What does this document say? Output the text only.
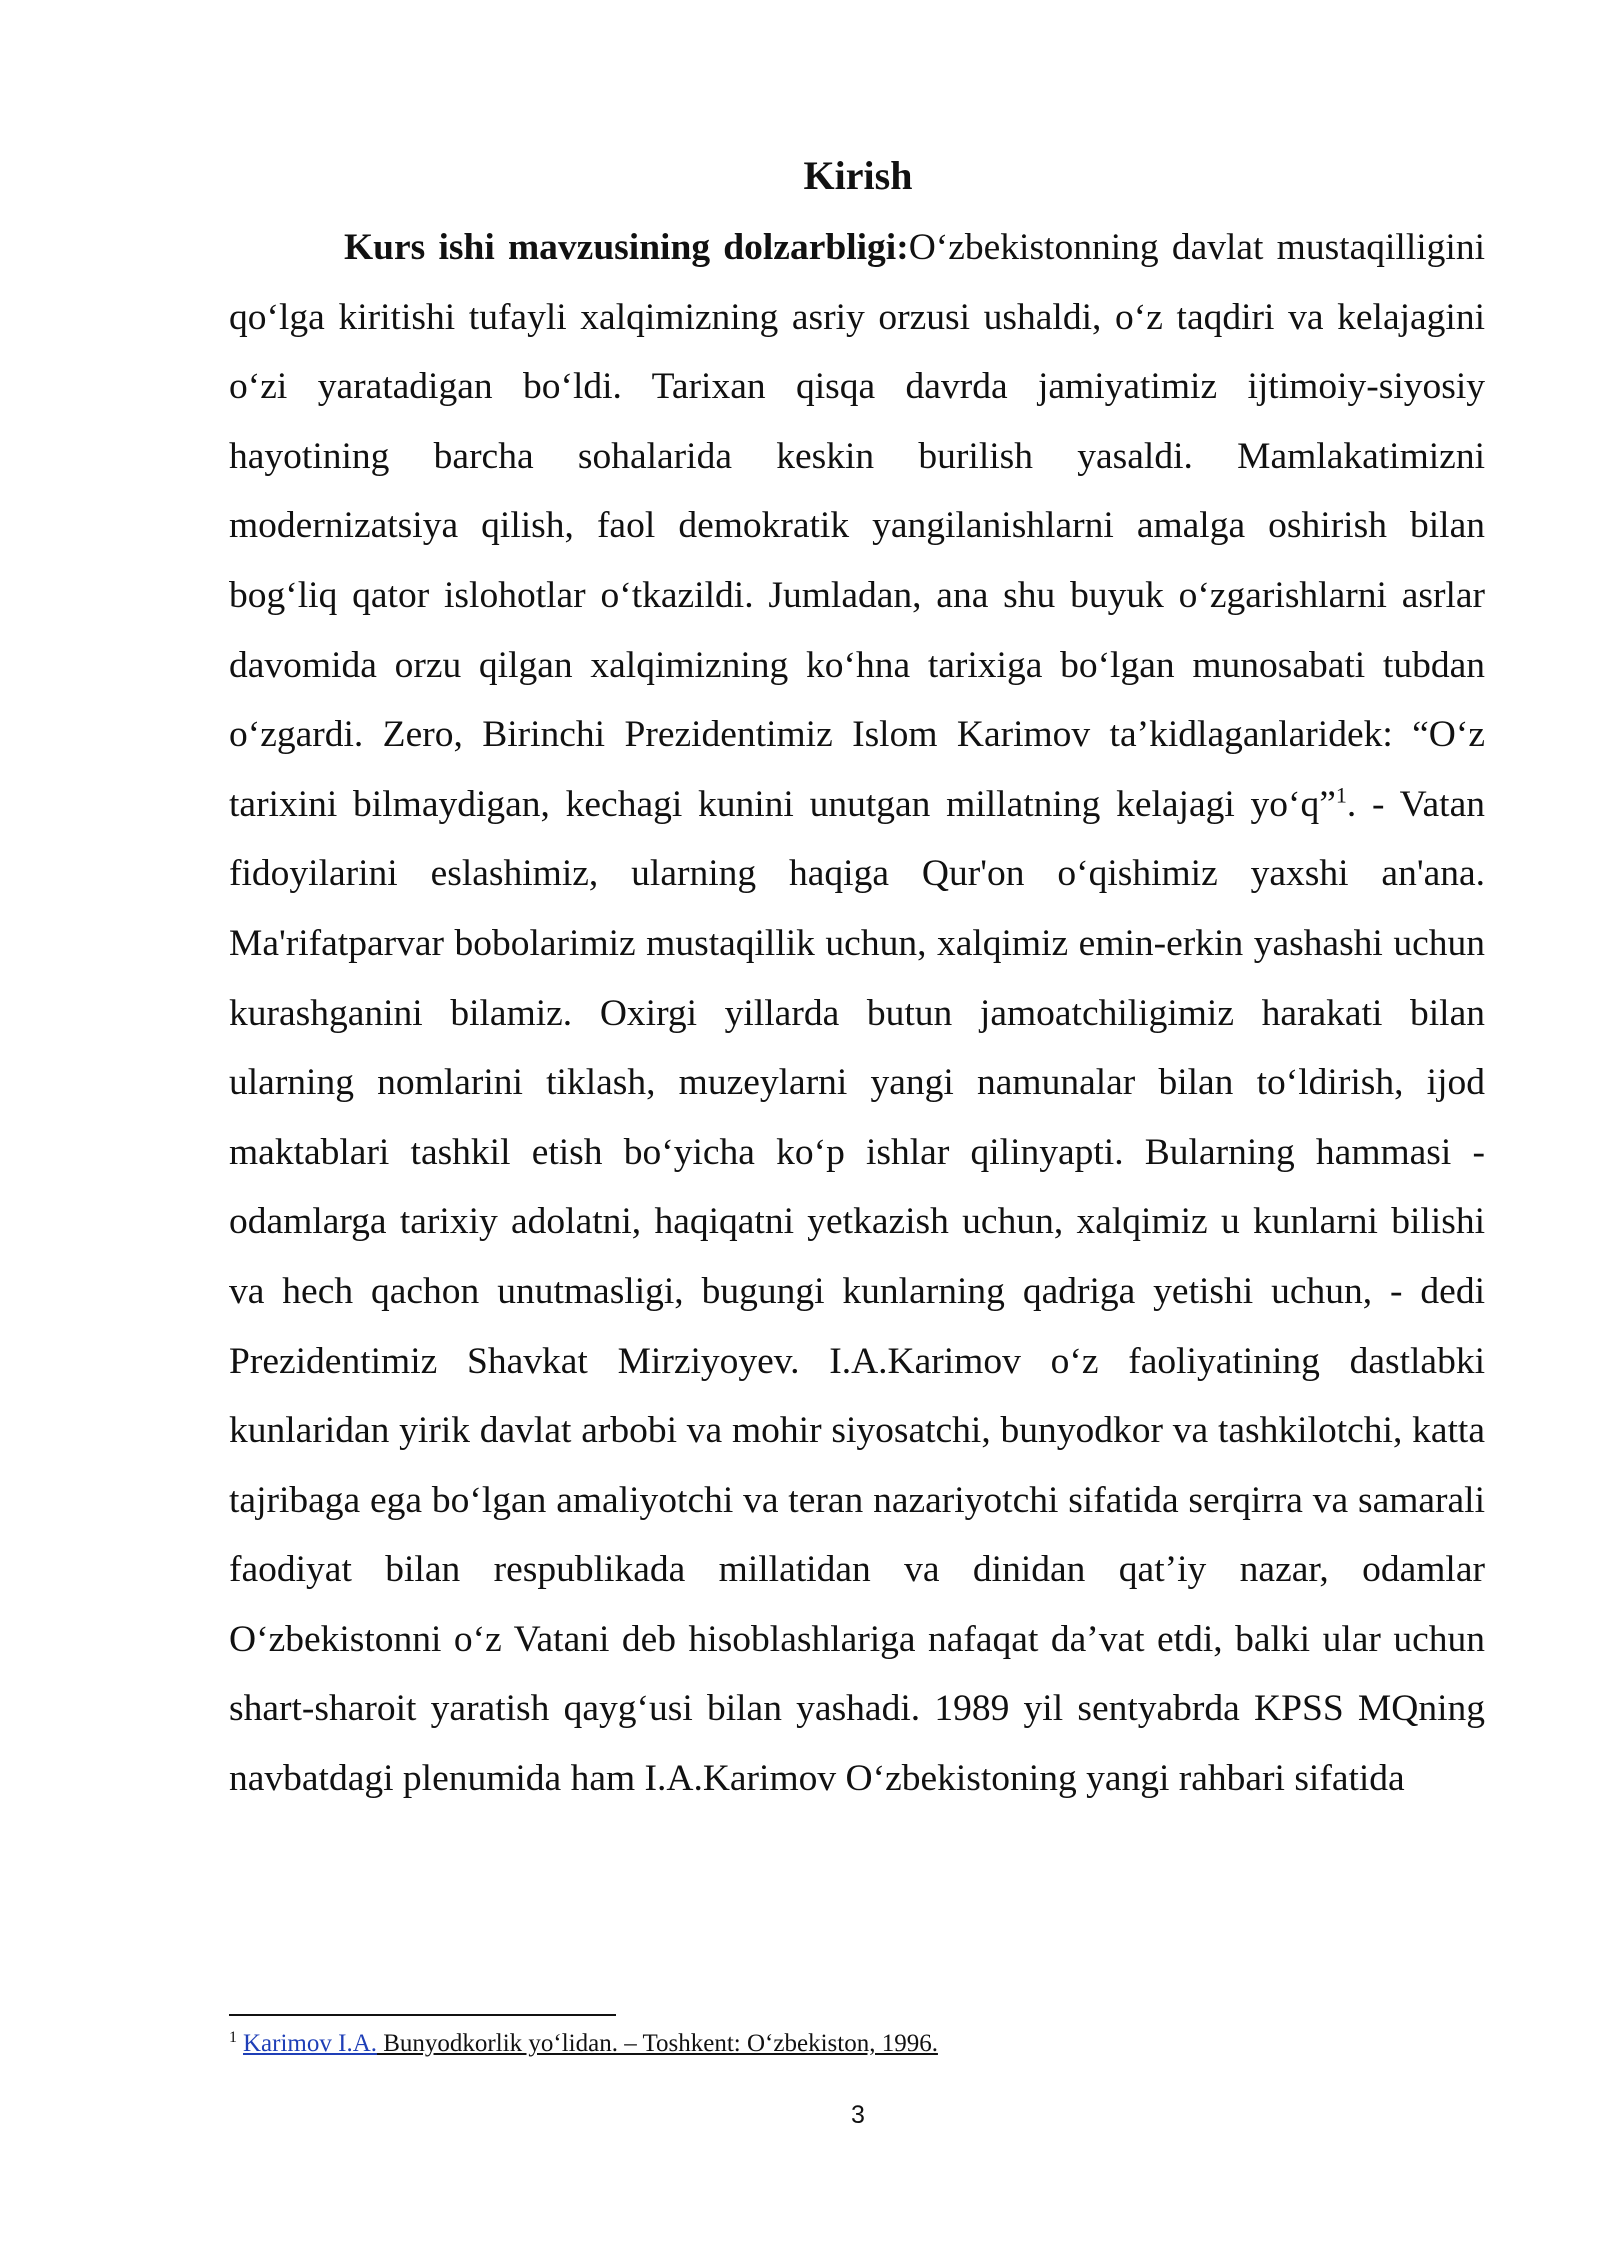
Kirish

Kurs ishi mavzusining dolzarbligi:O‘zbekistonning davlat mustaqilligini qo‘lga kiritishi tufayli xalqimizning asriy orzusi ushaldi, o‘z taqdiri va kelajagini o‘zi yaratadigan bo‘ldi. Tarixan qisqa davrda jamiyatimiz ijtimoiy-siyosiy hayotining barcha sohalarida keskin burilish yasaldi. Mamlakatimizni modernizatsiya qilish, faol demokratik yangilanishlarni amalga oshirish bilan bog‘liq qator islohotlar o‘tkazildi. Jumladan, ana shu buyuk o‘zgarishlarni asrlar davomida orzu qilgan xalqimizning ko‘hna tarixiga bo‘lgan munosabati tubdan o‘zgardi. Zero, Birinchi Prezidentimiz Islom Karimov ta’kidlaganlaridek: “O‘z tarixini bilmaydigan, kechagi kunini unutgan millatning kelajagi yo‘q”$^1$. - Vatan fidoyilarini eslashimiz, ularning haqiga Qur'on o‘qishimiz yaxshi an'ana. Ma'rifatparvar bobolarimiz mustaqillik uchun, xalqimiz emin-erkin yashashi uchun kurashganini bilamiz. Oxirgi yillarda butun jamoatchiligimiz harakati bilan ularning nomlarini tiklash, muzeylarni yangi namunalar bilan to‘ldirish, ijod maktablari tashkil etish bo‘yicha ko‘p ishlar qilinyapti. Bularning hammasi - odamlarga tarixiy adolatni, haqiqatni yetkazish uchun, xalqimiz u kunlarni bilishi va hech qachon unutmasligi, bugungi kunlarning qadriga yetishi uchun, - dedi Prezidentimiz Shavkat Mirziyoyev. I.A.Karimov o‘z faoliyatining dastlabki kunlaridan yirik davlat arbobi va mohir siyosatchi, bunyodkor va tashkilotchi, katta tajribaga ega bo‘lgan amaliyotchi va teran nazariyotchi sifatida serqirra va samarali faodiyat bilan respublikada millatidan va dinidan qat’iy nazar, odamlar O‘zbekistonni o‘z Vatani deb hisoblashlariga nafaqat da’vat etdi, balki ular uchun shart-sharoit yaratish qayg‘usi bilan yashadi. 1989 yil sentyabrda KPSS MQning navbatdagi plenumida ham I.A.Karimov O‘zbekistoning yangi rahbari sifatida

$^1$ Karimov I.A. Bunyodkorlik yo‘lidan. – Toshkent: O‘zbekiston, 1996.
3
